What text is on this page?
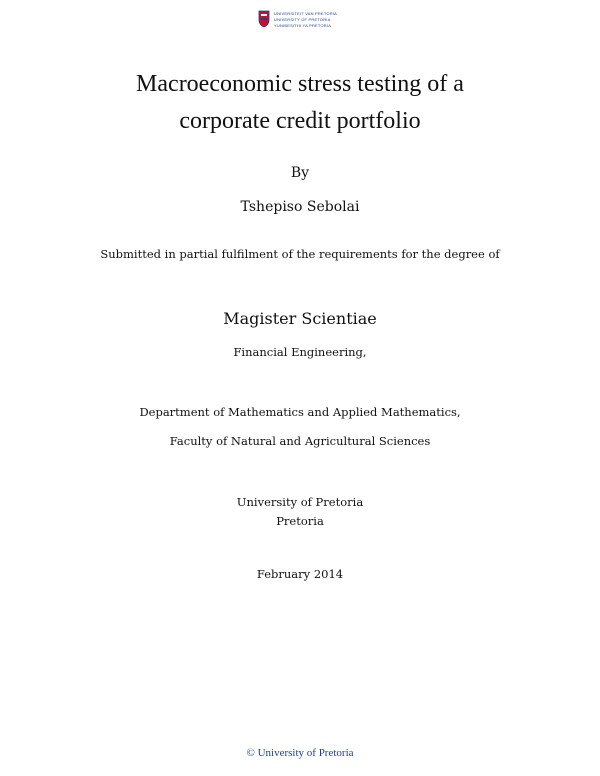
UNIVERSITEIT VAN PRETORIA
UNIVERSITY OF PRETORIA
YUNIBESITHI YA PRETORIA
Macroeconomic stress testing of a
corporate credit portfolio
By
Tshepiso Sebolai
Submitted in partial fulfilment of the requirements for the degree of
Magister Scientiae
Financial Engineering,
Department of Mathematics and Applied Mathematics,
Faculty of Natural and Agricultural Sciences
University of Pretoria
Pretoria
February 2014
© University of Pretoria
